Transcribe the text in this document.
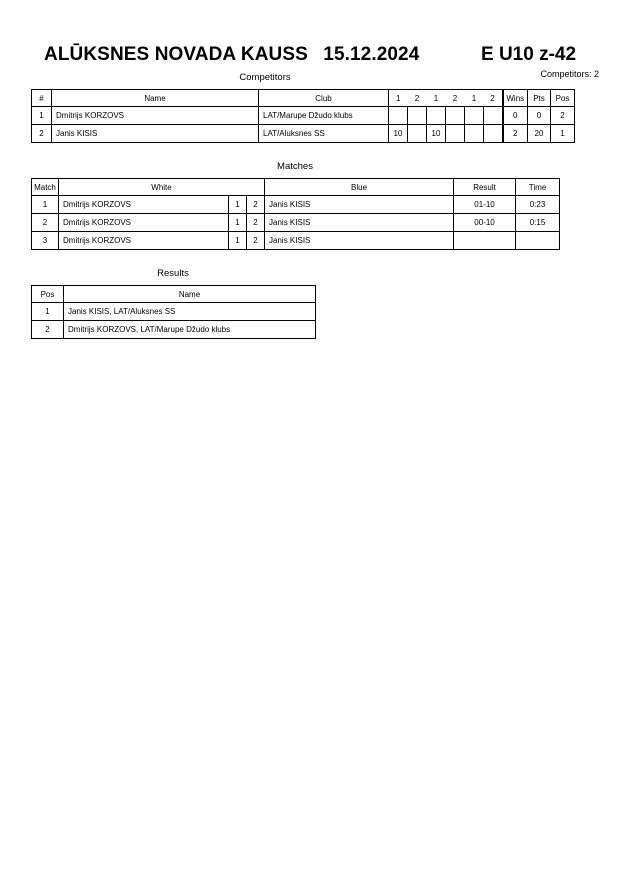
ALŪKSNES NOVADA KAUSS 15.12.2024	E U10 z-42
Competitors: 2
Competitors
#	Name	Club	1	2	1	2	1	2	Wins	Pts	Pos
1	Dmitrijs KORZOVS	LAT/Marupe Džudo klubs							0	0	2
2	Janis KISIS	LAT/Aluksnes SS	10		10				2	20	1
Matches
Match	White			Blue	Result	Time
1	Dmitrijs KORZOVS	1	2	Janis KISIS	01-10	0:23
2	Dmitrijs KORZOVS	1	2	Janis KISIS	00-10	0:15
3	Dmitrijs KORZOVS	1	2	Janis KISIS		
Results
Pos	Name
1	Janis KISIS, LAT/Aluksnes SS
2	Dmitrijs KORZOVS, LAT/Marupe Džudo klubs
